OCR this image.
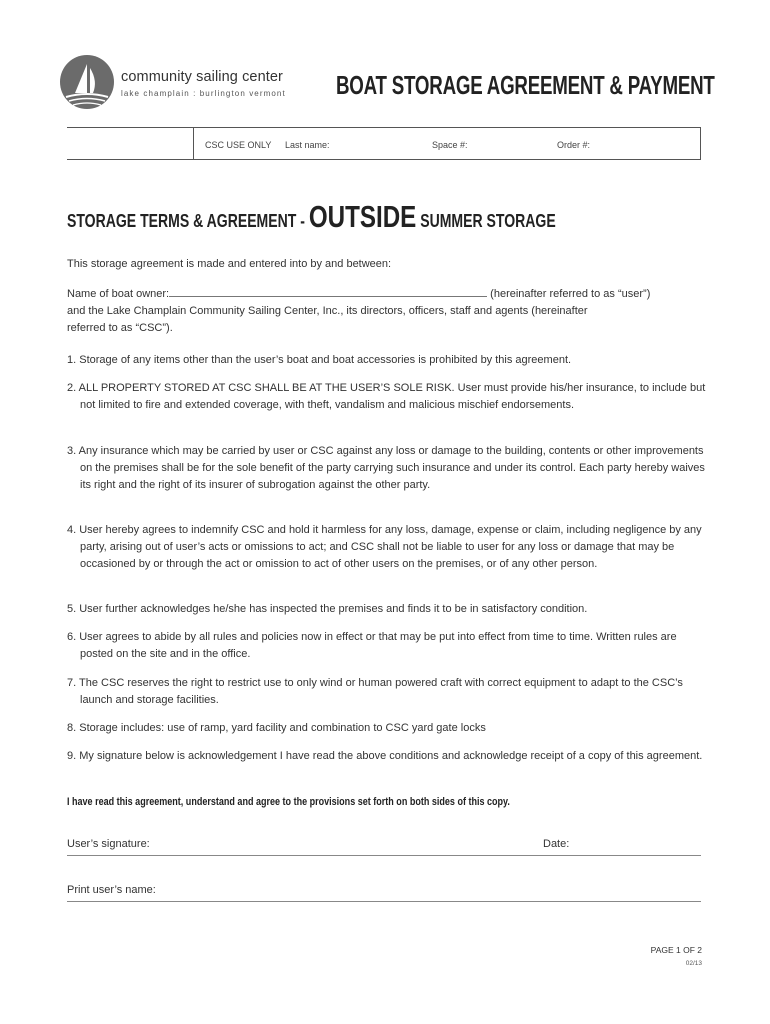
community sailing center
lake champlain : burlington vermont BOAT STORAGE AGREEMENT & PAYMENT
CSC USE ONLY Last name:	Space #:	Order #:
STORAGE TERMS & AGREEMENT - OUTSIDE SUMMER STORAGE
This storage agreement is made and entered into by and between:
Name of boat owner:	(hereinafter referred to as “user”)
and the Lake Champlain Community Sailing Center, Inc., its directors, officers, staff and agents (hereinafter
referred to as “CSC”).
1. Storage of any items other than the user’s boat and boat accessories is prohibited by this agreement.
2. ALL PROPERTY STORED AT CSC SHALL BE AT THE USER’S SOLE RISK. User must provide his/her insurance, to include but not limited to fire and extended coverage, with theft, vandalism and malicious mischief endorsements.
3. Any insurance which may be carried by user or CSC against any loss or damage to the building, contents or other improvements on the premises shall be for the sole benefit of the party carrying such insurance and under its control. Each party hereby waives its right and the right of its insurer of subrogation against the other party.
4. User hereby agrees to indemnify CSC and hold it harmless for any loss, damage, expense or claim, including negligence by any party, arising out of user’s acts or omissions to act; and CSC shall not be liable to user for any loss or damage that may be occasioned by or through the act or omission to act of other users on the premises, or of any other person.
5. User further acknowledges he/she has inspected the premises and finds it to be in satisfactory condition.
6. User agrees to abide by all rules and policies now in effect or that may be put into effect from time to time. Written rules are posted on the site and in the office.
7. The CSC reserves the right to restrict use to only wind or human powered craft with correct equipment to adapt to the CSC’s launch and storage facilities.
8. Storage includes: use of ramp, yard facility and combination to CSC yard gate locks
9. My signature below is acknowledgement I have read the above conditions and acknowledge receipt of a copy of this agreement.
I have read this agreement, understand and agree to the provisions set forth on both sides of this copy.
User’s signature:	Date:
Print user’s name:
PAGE 1 OF 2
02/13
